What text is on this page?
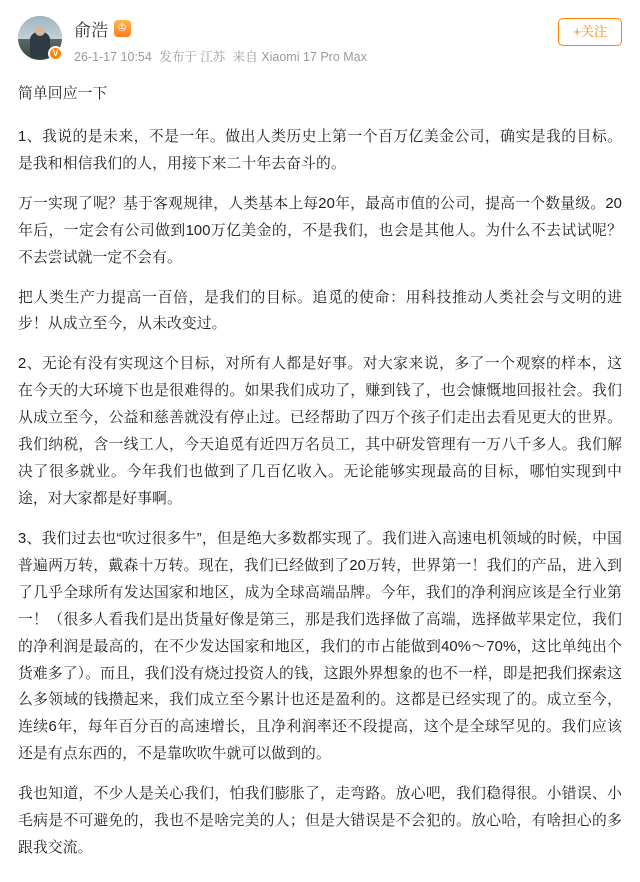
V
俞浩 ♔
26-1-17 10:54 发布于 江苏 来自 Xiaomi 17 Pro Max
+关注

简单回应一下

1、我说的是未来，不是一年。做出人类历史上第一个百万亿美金公司，确实是我的目标。是我和相信我们的人，用接下来二十年去奋斗的。

万一实现了呢？基于客观规律，人类基本上每20年，最高市值的公司，提高一个数量级。20年后，一定会有公司做到100万亿美金的，不是我们，也会是其他人。为什么不去试试呢？不去尝试就一定不会有。

把人类生产力提高一百倍，是我们的目标。追觅的使命：用科技推动人类社会与文明的进步！从成立至今，从未改变过。

2、无论有没有实现这个目标，对所有人都是好事。对大家来说，多了一个观察的样本，这在今天的大环境下也是很难得的。如果我们成功了，赚到钱了，也会慷慨地回报社会。我们从成立至今，公益和慈善就没有停止过。已经帮助了四万个孩子们走出去看见更大的世界。我们纳税，含一线工人，今天追觅有近四万名员工，其中研发管理有一万八千多人。我们解决了很多就业。今年我们也做到了几百亿收入。无论能够实现最高的目标，哪怕实现到中途，对大家都是好事啊。

3、我们过去也“吹过很多牛”，但是绝大多数都实现了。我们进入高速电机领域的时候，中国普遍两万转，戴森十万转。现在，我们已经做到了20万转，世界第一！我们的产品，进入到了几乎全球所有发达国家和地区，成为全球高端品牌。今年，我们的净利润应该是全行业第一！（很多人看我们是出货量好像是第三，那是我们选择做了高端，选择做苹果定位，我们的净利润是最高的，在不少发达国家和地区，我们的市占能做到40%～70%，这比单纯出个货难多了）。而且，我们没有烧过投资人的钱，这跟外界想象的也不一样，即是把我们探索这么多领域的钱攒起来，我们成立至今累计也还是盈利的。这都是已经实现了的。成立至今，连续6年，每年百分百的高速增长，且净利润率还不段提高，这个是全球罕见的。我们应该还是有点东西的，不是靠吹吹牛就可以做到的。

我也知道，不少人是关心我们，怕我们膨胀了，走弯路。放心吧，我们稳得很。小错误、小毛病是不可避免的，我也不是啥完美的人；但是大错误是不会犯的。放心哈，有啥担心的多跟我交流。
